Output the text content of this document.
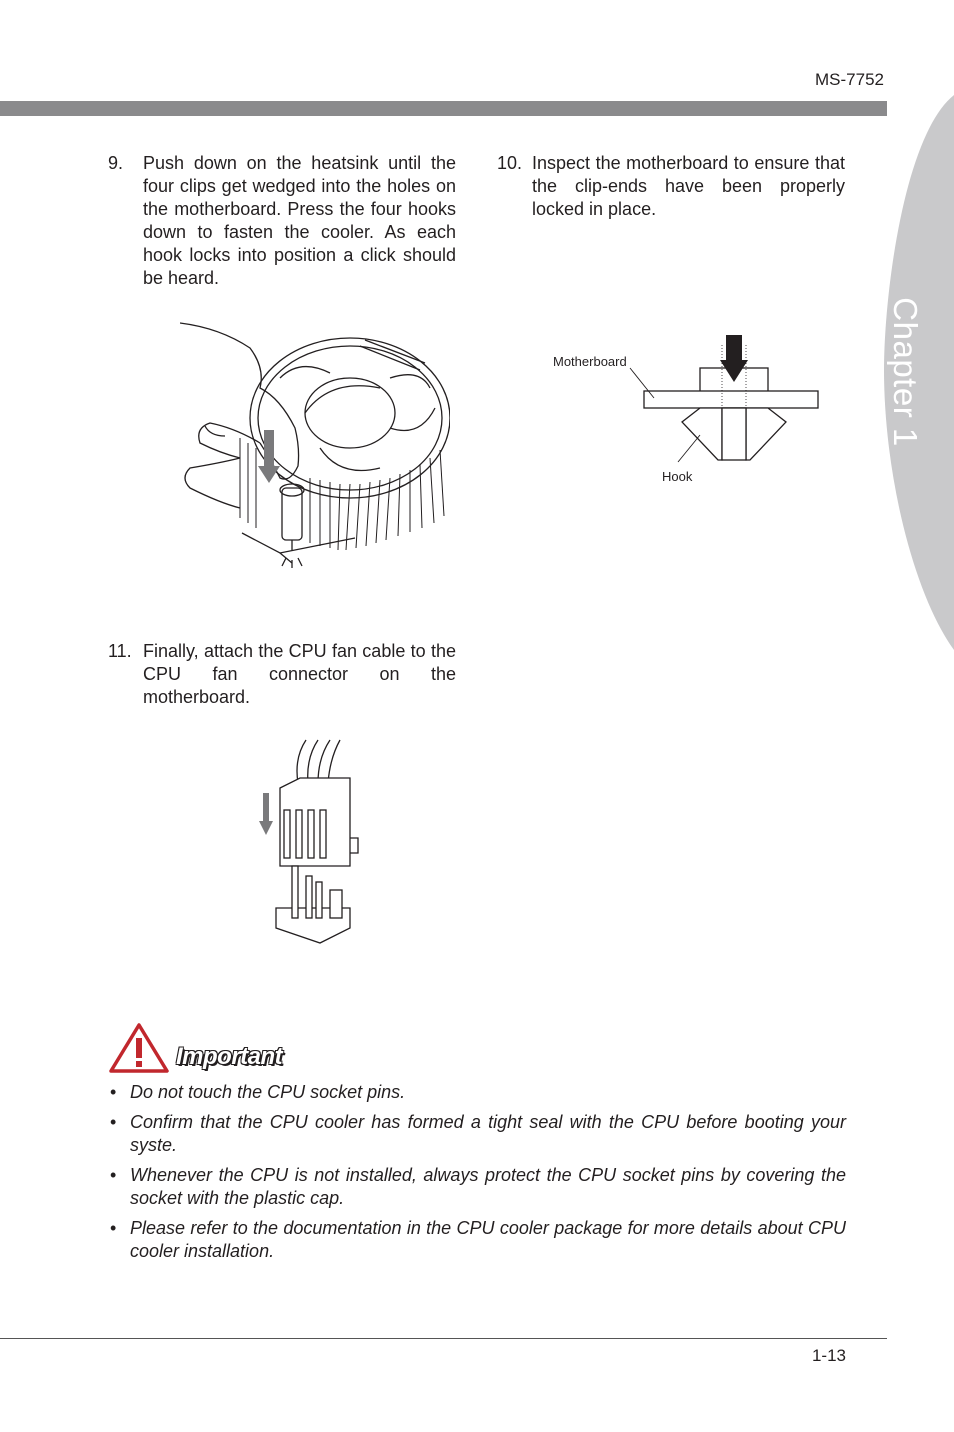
MS-7752
Chapter 1
9. Push down on the heatsink until the four clips get wedged into the holes on the motherboard. Press the four hooks down to fasten the cooler. As each hook locks into position a click should be heard.
10. Inspect the motherboard to ensure that the clip-ends have been properly locked in place.
11. Finally, attach the CPU fan cable to the CPU fan connector on the motherboard.
Motherboard
Hook
Important
• Do not touch the CPU socket pins.
• Confirm that the CPU cooler has formed a tight seal with the CPU before booting your syste.
• Whenever the CPU is not installed, always protect the CPU socket pins by covering the socket with the plastic cap.
• Please refer to the documentation in the CPU cooler package for more details about CPU cooler installation.
1-13
